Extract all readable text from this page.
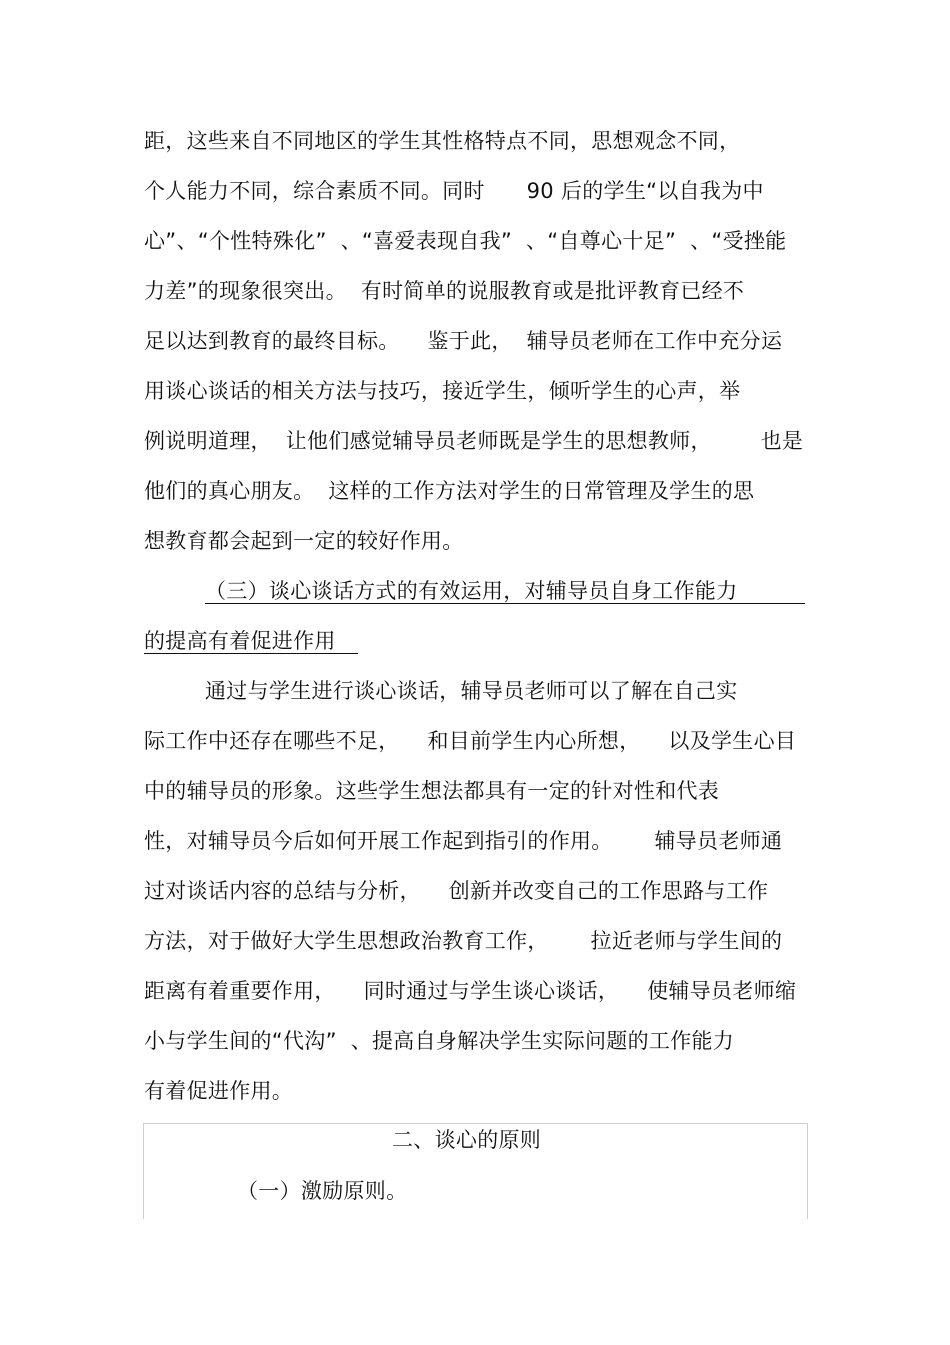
距，这些来自不同地区的学生其性格特点不同，思想观念不同，
个人能力不同，综合素质不同。同时      90 后的学生“以自我为中
心”、“个性特殊化”  、“喜爱表现自我”  、“自尊心十足”  、“受挫能
力差”的现象很突出。  有时简单的说服教育或是批评教育已经不
足以达到教育的最终目标。    鉴于此，  辅导员老师在工作中充分运
用谈心谈话的相关方法与技巧，接近学生，倾听学生的心声，举
例说明道理，  让他们感觉辅导员老师既是学生的思想教师，       也是
他们的真心朋友。  这样的工作方法对学生的日常管理及学生的思
想教育都会起到一定的较好作用。
（三）谈心谈话方式的有效运用，对辅导员自身工作能力
的提高有着促进作用
通过与学生进行谈心谈话，辅导员老师可以了解在自己实
际工作中还存在哪些不足，    和目前学生内心所想，    以及学生心目
中的辅导员的形象。这些学生想法都具有一定的针对性和代表
性，对辅导员今后如何开展工作起到指引的作用。      辅导员老师通
过对谈话内容的总结与分析，    创新并改变自己的工作思路与工作
方法，对于做好大学生思想政治教育工作，      拉近老师与学生间的
距离有着重要作用，    同时通过与学生谈心谈话，    使辅导员老师缩
小与学生间的“代沟”  、提高自身解决学生实际问题的工作能力
有着促进作用。
二、谈心的原则
（一）激励原则。
